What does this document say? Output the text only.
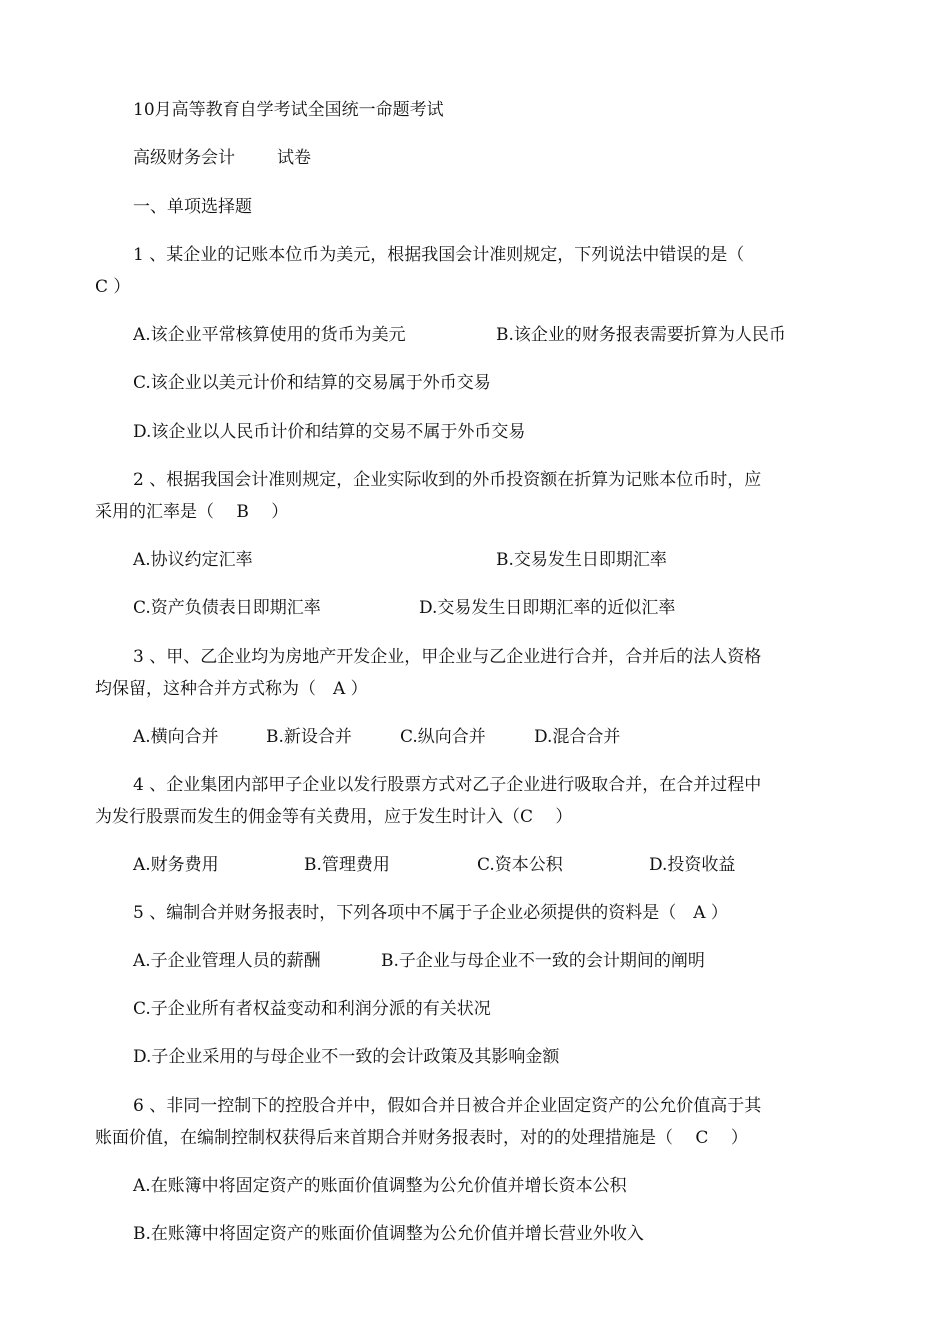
10月高等教育自学考试全国统一命题考试
高级财务会计 试卷
一、单项选择题
1 、某企业的记账本位币为美元，根据我国会计准则规定，下列说法中错误的是（
C ）
A.该企业平常核算使用的货币为美元	B.该企业的财务报表需要折算为人民币
C.该企业以美元计价和结算的交易属于外币交易
D.该企业以人民币计价和结算的交易不属于外币交易
2 、根据我国会计准则规定，企业实际收到的外币投资额在折算为记账本位币时，应
采用的汇率是（　 B　 ）
A.协议约定汇率	B.交易发生日即期汇率
C.资产负债表日即期汇率	D.交易发生日即期汇率的近似汇率
3 、甲、乙企业均为房地产开发企业，甲企业与乙企业进行合并，合并后的法人资格
均保留，这种合并方式称为（　A ）
A.横向合并	B.新设合并	C.纵向合并	D.混合合并
4 、企业集团内部甲子企业以发行股票方式对乙子企业进行吸取合并，在合并过程中
为发行股票而发生的佣金等有关费用，应于发生时计入（C　 ）
A.财务费用	B.管理费用	C.资本公积	D.投资收益
5 、编制合并财务报表时，下列各项中不属于子企业必须提供的资料是（　A ）
A.子企业管理人员的薪酬	B.子企业与母企业不一致的会计期间的阐明
C.子企业所有者权益变动和利润分派的有关状况
D.子企业采用的与母企业不一致的会计政策及其影响金额
6 、非同一控制下的控股合并中，假如合并日被合并企业固定资产的公允价值高于其
账面价值，在编制控制权获得后来首期合并财务报表时，对的的处理措施是（　 C　 ）
A.在账簿中将固定资产的账面价值调整为公允价值并增长资本公积
B.在账簿中将固定资产的账面价值调整为公允价值并增长营业外收入
